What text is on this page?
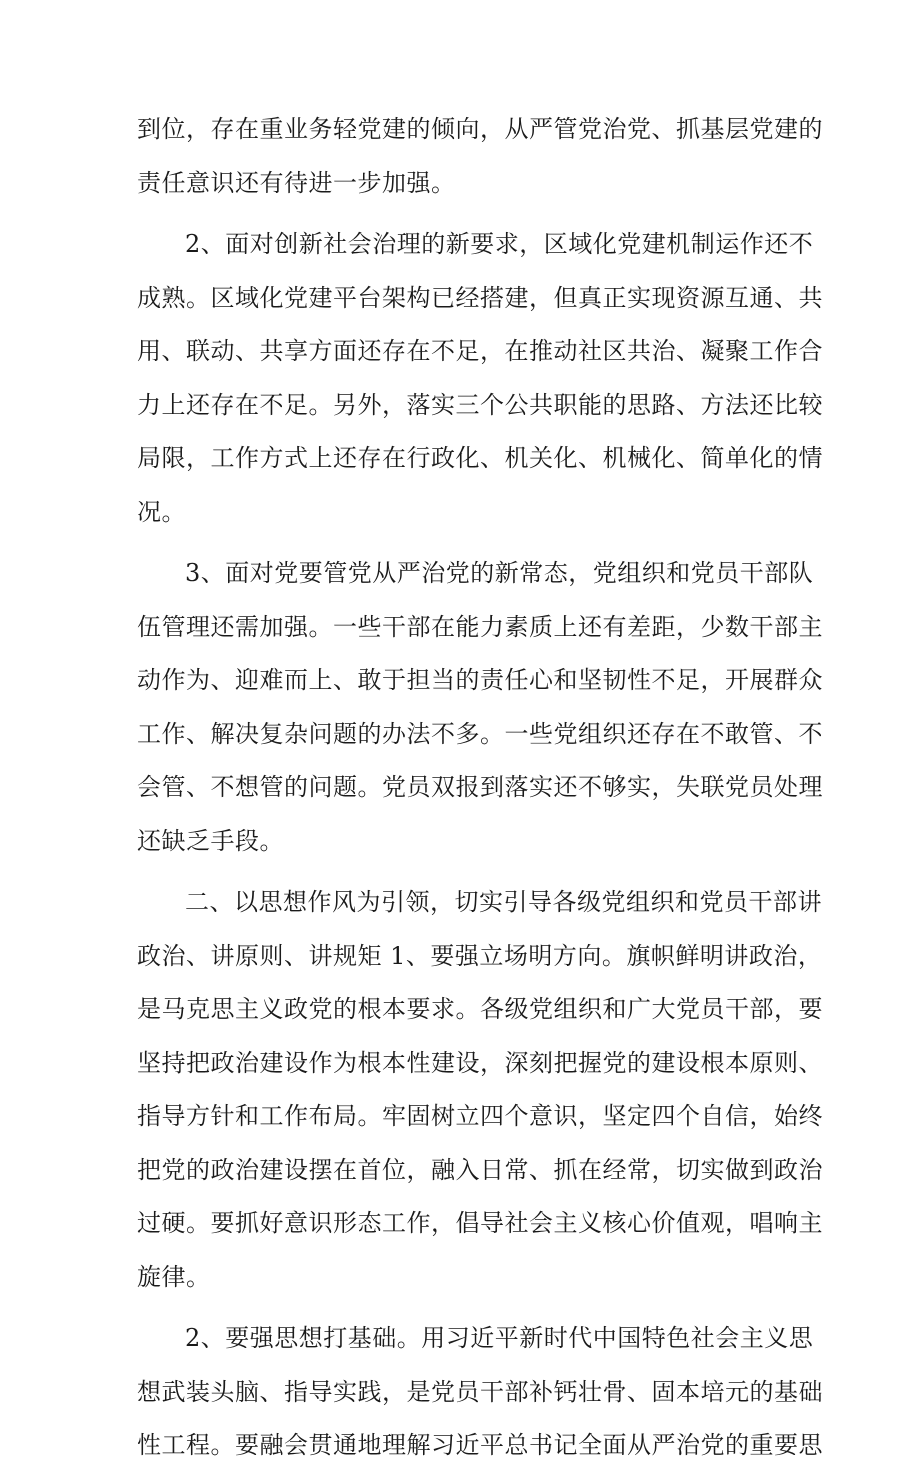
到位，存在重业务轻党建的倾向，从严管党治党、抓基层党建的
责任意识还有待进一步加强。
2、面对创新社会治理的新要求，区域化党建机制运作还不
成熟。区域化党建平台架构已经搭建，但真正实现资源互通、共
用、联动、共享方面还存在不足，在推动社区共治、凝聚工作合
力上还存在不足。另外，落实三个公共职能的思路、方法还比较
局限，工作方式上还存在行政化、机关化、机械化、简单化的情
况。
3、面对党要管党从严治党的新常态，党组织和党员干部队
伍管理还需加强。一些干部在能力素质上还有差距，少数干部主
动作为、迎难而上、敢于担当的责任心和坚韧性不足，开展群众
工作、解决复杂问题的办法不多。一些党组织还存在不敢管、不
会管、不想管的问题。党员双报到落实还不够实，失联党员处理
还缺乏手段。
二、以思想作风为引领，切实引导各级党组织和党员干部讲
政治、讲原则、讲规矩 1、要强立场明方向。旗帜鲜明讲政治，
是马克思主义政党的根本要求。各级党组织和广大党员干部，要
坚持把政治建设作为根本性建设，深刻把握党的建设根本原则、
指导方针和工作布局。牢固树立四个意识，坚定四个自信，始终
把党的政治建设摆在首位，融入日常、抓在经常，切实做到政治
过硬。要抓好意识形态工作，倡导社会主义核心价值观，唱响主
旋律。
2、要强思想打基础。用习近平新时代中国特色社会主义思
想武装头脑、指导实践，是党员干部补钙壮骨、固本培元的基础
性工程。要融会贯通地理解习近平总书记全面从严治党的重要思
